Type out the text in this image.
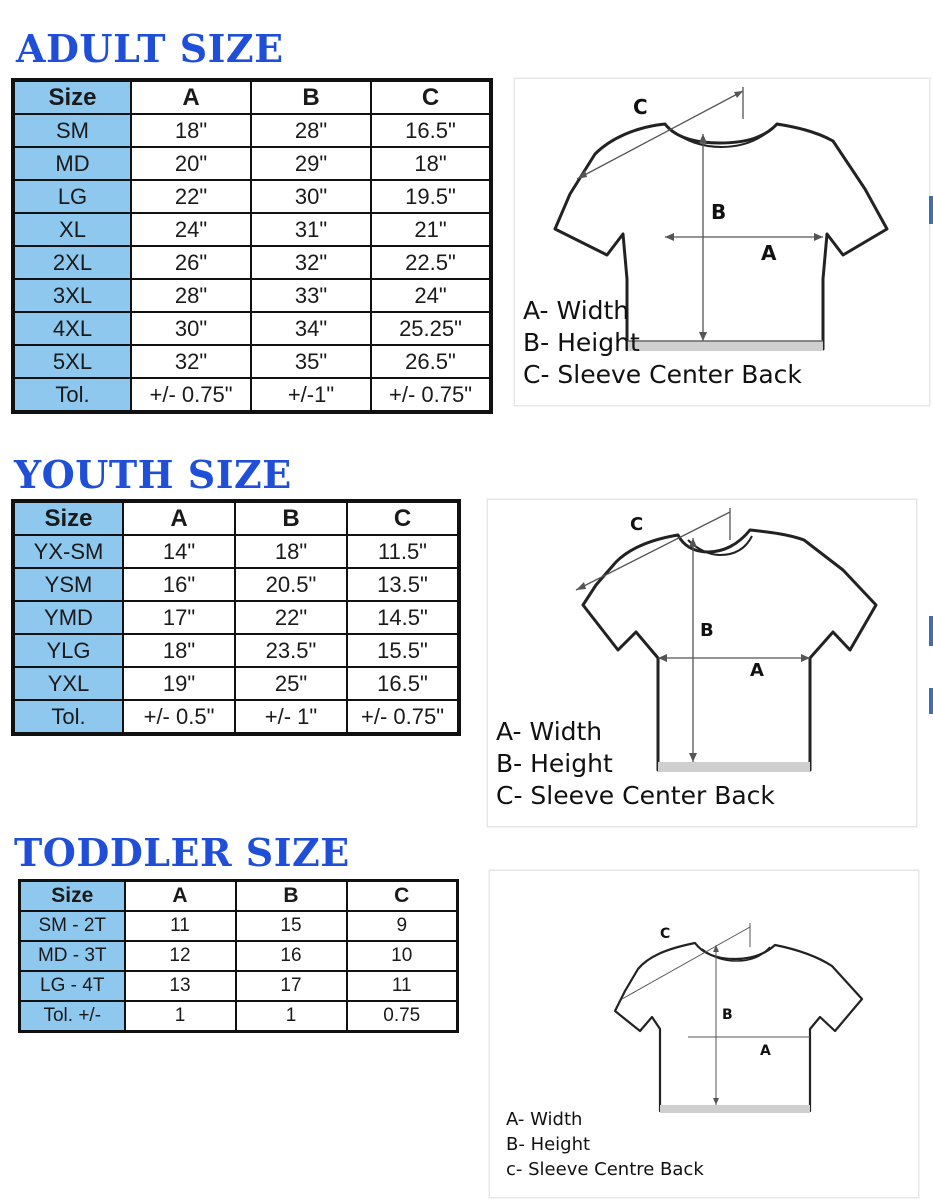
ADULT SIZE
Size	A	B	C
SM	18"	28"	16.5"
MD	20"	29"	18"
LG	22"	30"	19.5"
XL	24"	31"	21"
2XL	26"	32"	22.5"
3XL	28"	33"	24"
4XL	30"	34"	25.25"
5XL	32"	35"	26.5"
Tol.	+/- 0.75"	+/-1"	+/- 0.75"
C
B
A
A- Width
B- Height
C- Sleeve Center Back
YOUTH SIZE
Size	A	B	C
YX-SM	14"	18"	11.5"
YSM	16"	20.5"	13.5"
YMD	17"	22"	14.5"
YLG	18"	23.5"	15.5"
YXL	19"	25"	16.5"
Tol.	+/- 0.5"	+/- 1"	+/- 0.75"
C
B
A
A- Width
B- Height
C- Sleeve Center Back
TODDLER SIZE
Size	A	B	C
SM - 2T	11	15	9
MD - 3T	12	16	10
LG - 4T	13	17	11
Tol. +/-	1	1	0.75
C
B
A
A- Width
B- Height
c- Sleeve Centre Back
